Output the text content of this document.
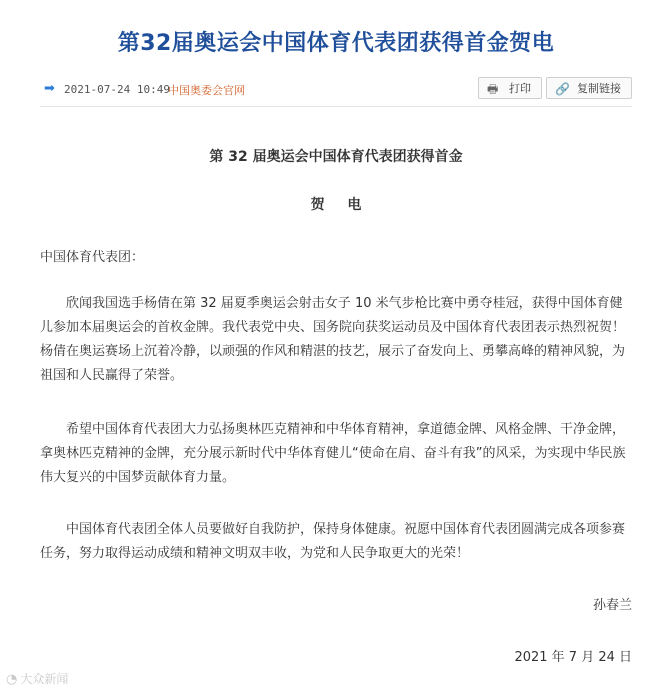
第32届奥运会中国体育代表团获得首金贺电
➡ 2021-07-24 10:49
中国奥委会官网	🖶 打印 🔗 复制链接
第 32 届奥运会中国体育代表团获得首金
贺 电
中国体育代表团：

欣闻我国选手杨倩在第 32 届夏季奥运会射击女子 10 米气步枪比赛中勇夺桂冠，获得中国体育健儿参加本届奥运会的首枚金牌。我代表党中央、国务院向获奖运动员及中国体育代表团表示热烈祝贺！杨倩在奥运赛场上沉着冷静，以顽强的作风和精湛的技艺，展示了奋发向上、勇攀高峰的精神风貌，为祖国和人民赢得了荣誉。

希望中国体育代表团大力弘扬奥林匹克精神和中华体育精神，拿道德金牌、风格金牌、干净金牌，拿奥林匹克精神的金牌，充分展示新时代中华体育健儿“使命在肩、奋斗有我”的风采，为实现中华民族伟大复兴的中国梦贡献体育力量。

中国体育代表团全体人员要做好自我防护，保持身体健康。祝愿中国体育代表团圆满完成各项参赛任务，努力取得运动成绩和精神文明双丰收，为党和人民争取更大的光荣！

孙春兰
2021 年 7 月 24 日
◔ 大众新闻
